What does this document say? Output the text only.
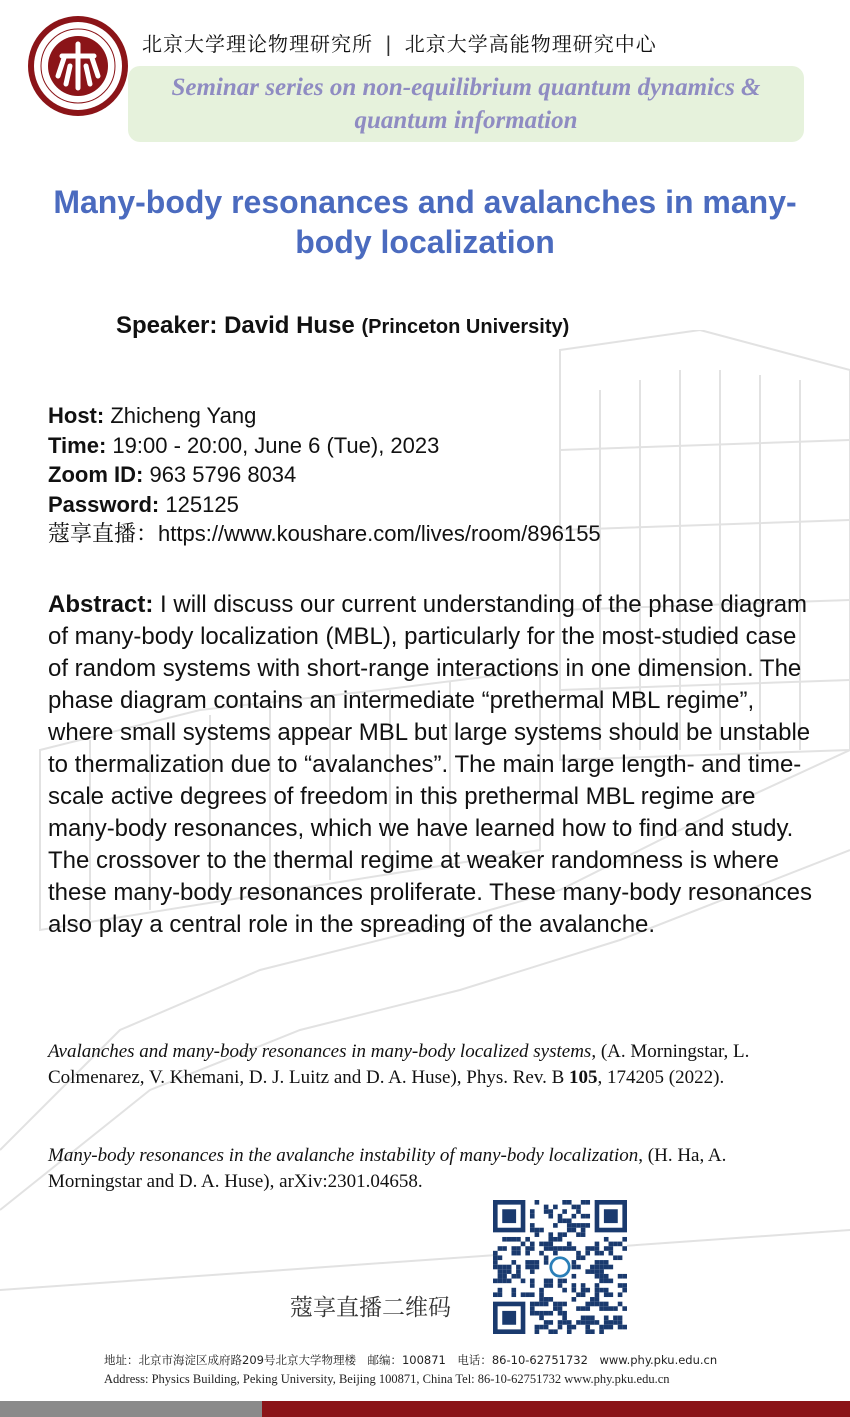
北京大学理论物理研究所 | 北京大学高能物理研究中心
Seminar series on non-equilibrium quantum dynamics &
quantum information
Many-body resonances and avalanches in many-
body localization
Speaker: David Huse (Princeton University)
Host: Zhicheng Yang
Time: 19:00 - 20:00, June 6 (Tue), 2023
Zoom ID: 963 5796 8034
Password: 125125
蔻享直播：https://www.koushare.com/lives/room/896155
Abstract: I will discuss our current understanding of the phase diagram of many-body localization (MBL), particularly for the most-studied case of random systems with short-range interactions in one dimension. The phase diagram contains an intermediate “prethermal MBL regime”, where small systems appear MBL but large systems should be unstable to thermalization due to “avalanches”. The main large length- and time-scale active degrees of freedom in this prethermal MBL regime are many-body resonances, which we have learned how to find and study. The crossover to the thermal regime at weaker randomness is where these many-body resonances proliferate. These many-body resonances also play a central role in the spreading of the avalanche.
Avalanches and many-body resonances in many-body localized systems, (A. Morningstar, L. Colmenarez, V. Khemani, D. J. Luitz and D. A. Huse), Phys. Rev. B 105, 174205 (2022).
Many-body resonances in the avalanche instability of many-body localization, (H. Ha, A. Morningstar and D. A. Huse), arXiv:2301.04658.
蔻享直播二维码
地址：北京市海淀区成府路209号北京大学物理楼　邮编：100871　电话：86-10-62751732　www.phy.pku.edu.cn
Address: Physics Building, Peking University, Beijing 100871, China Tel: 86-10-62751732 www.phy.pku.edu.cn
